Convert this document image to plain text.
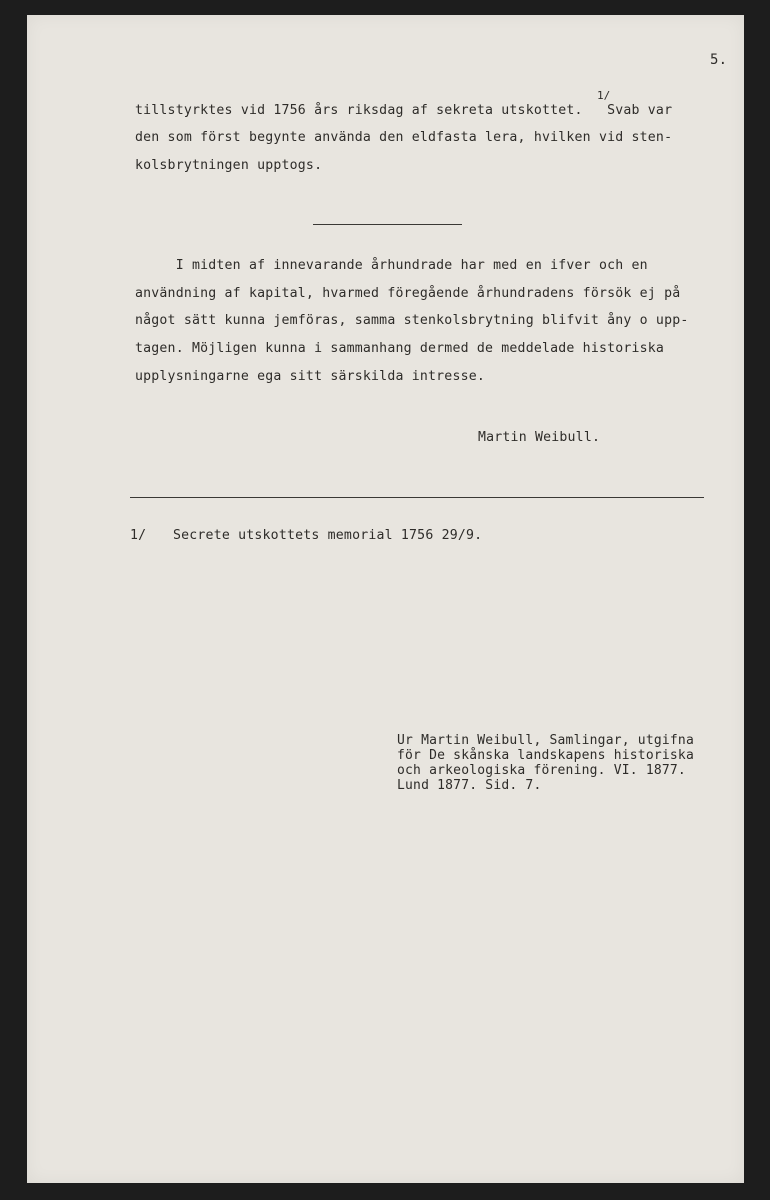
5.
1/
tillstyrktes vid 1756 års riksdag af sekreta utskottet.   Svab var
den som först begynte använda den eldfasta lera, hvilken vid sten-
kolsbrytningen upptogs.
I midten af innevarande århundrade har med en ifver och en
användning af kapital, hvarmed föregående århundradens försök ej på
något sätt kunna jemföras, samma stenkolsbrytning blifvit åny o upp-
tagen. Möjligen kunna i sammanhang dermed de meddelade historiska
upplysningarne ega sitt särskilda intresse.
Martin Weibull.
1/ Secrete utskottets memorial 1756 29/9.
Ur Martin Weibull, Samlingar, utgifna
för De skånska landskapens historiska
och arkeologiska förening. VI. 1877.
Lund 1877. Sid. 7.
